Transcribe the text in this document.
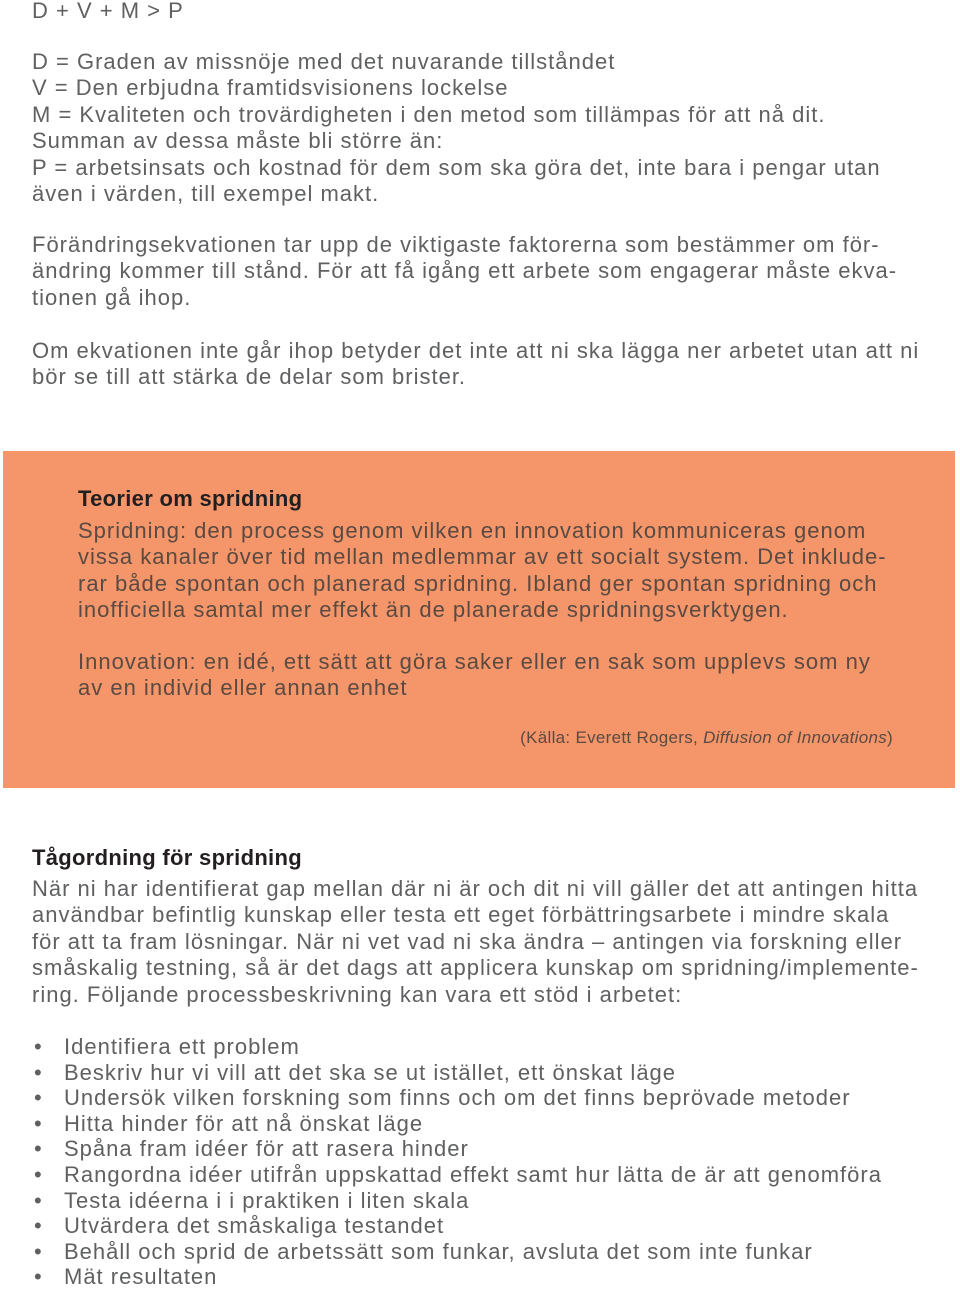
D + V + M > P
D = Graden av missnöje med det nuvarande tillståndet
V = Den erbjudna framtidsvisionens lockelse
M = Kvaliteten och trovärdigheten i den metod som tillämpas för att nå dit.
Summan av dessa måste bli större än:
P = arbetsinsats och kostnad för dem som ska göra det, inte bara i pengar utan
även i värden, till exempel makt.
Förändringsekvationen tar upp de viktigaste faktorerna som bestämmer om för-
ändring kommer till stånd. För att få igång ett arbete som engagerar måste ekva-
tionen gå ihop.
Om ekvationen inte går ihop betyder det inte att ni ska lägga ner arbetet utan att ni
bör se till att stärka de delar som brister.
Teorier om spridning
Spridning: den process genom vilken en innovation kommuniceras genom
vissa kanaler över tid mellan medlemmar av ett socialt system. Det inklude-
rar både spontan och planerad spridning. Ibland ger spontan spridning och
inofficiella samtal mer effekt än de planerade spridningsverktygen.
Innovation: en idé, ett sätt att göra saker eller en sak som upplevs som ny
av en individ eller annan enhet
(Källa: Everett Rogers, Diffusion of Innovations)
Tågordning för spridning
När ni har identifierat gap mellan där ni är och dit ni vill gäller det att antingen hitta
användbar befintlig kunskap eller testa ett eget förbättringsarbete i mindre skala
för att ta fram lösningar. När ni vet vad ni ska ändra – antingen via forskning eller
småskalig testning, så är det dags att applicera kunskap om spridning/implemente-
ring. Följande processbeskrivning kan vara ett stöd i arbetet:
• Identifiera ett problem
• Beskriv hur vi vill att det ska se ut istället, ett önskat läge
• Undersök vilken forskning som finns och om det finns beprövade metoder
• Hitta hinder för att nå önskat läge
• Spåna fram idéer för att rasera hinder
• Rangordna idéer utifrån uppskattad effekt samt hur lätta de är att genomföra
• Testa idéerna i i praktiken i liten skala
• Utvärdera det småskaliga testandet
• Behåll och sprid de arbetssätt som funkar, avsluta det som inte funkar
• Mät resultaten
